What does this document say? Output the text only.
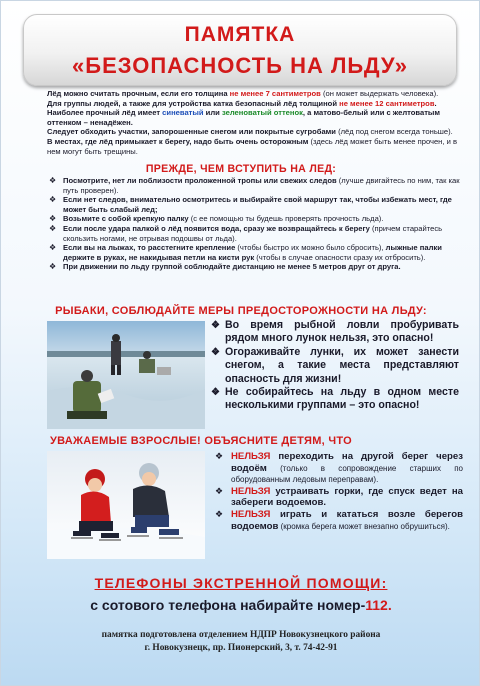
ПАМЯТКА
«БЕЗОПАСНОСТЬ НА ЛЬДУ»

Лёд можно считать прочным, если его толщина не менее 7 сантиметров (он может выдержать человека).

Для группы людей, а также для устройства катка безопасный лёд толщиной не менее 12 сантиметров.

Наиболее прочный лёд имеет синеватый или зеленоватый оттенок, а матово-белый или с желтоватым оттенком – ненадёжен.

Следует обходить участки, запорошенные снегом или покрытые сугробами (лёд под снегом всегда тоньше).

В местах, где лёд примыкает к берегу, надо быть очень осторожным (здесь лёд может быть менее прочен, и в нем могут быть трещины.

ПРЕЖДЕ, ЧЕМ ВСТУПИТЬ НА ЛЕД:
❖ Посмотрите, нет ли поблизости проложенной тропы или свежих следов (лучше двигайтесь по ним, так как путь проверен).
❖ Если нет следов, внимательно осмотритесь и выбирайте свой маршрут так, чтобы избежать мест, где может быть слабый лед;
❖ Возьмите с собой крепкую палку (с ее помощью ты будешь проверять прочность льда).
❖ Если после удара палкой о лёд появится вода, сразу же возвращайтесь к берегу (причем старайтесь скользить ногами, не отрывая подошвы от льда).
❖ Если вы на лыжах, то расстегните крепление (чтобы быстро их можно было сбросить), лыжные палки держите в руках, не накидывая петли на кисти рук (чтобы в случае опасности сразу их отбросить).
❖ При движении по льду группой соблюдайте дистанцию не менее 5 метров друг от друга.
РЫБАКИ, СОБЛЮДАЙТЕ МЕРЫ ПРЕДОСТОРОЖНОСТИ НА ЛЬДУ:
❖ Во время рыбной ловли пробуривать рядом много лунок нельзя, это опасно!
❖ Огораживайте лунки, их может занести снегом, а такие места представляют опасность для жизни!
❖ Не собирайтесь на льду в одном месте несколькими группами – это опасно!
УВАЖАЕМЫЕ ВЗРОСЛЫЕ! ОБЪЯСНИТЕ ДЕТЯМ, ЧТО
❖ НЕЛЬЗЯ переходить на другой берег через водоём (только в сопровождение старших по оборудованным ледовым переправам).
❖ НЕЛЬЗЯ устраивать горки, где спуск ведет на забереги водоемов.
❖ НЕЛЬЗЯ играть и кататься возле берегов водоемов (кромка берега может внезапно обрушиться).
ТЕЛЕФОНЫ ЭКСТРЕННОЙ ПОМОЩИ:
с сотового телефона набирайте номер-112.
памятка подготовлена отделением НДПР Новокузнецкого района
г. Новокузнецк, пр. Пионерский, 3, т. 74-42-91
